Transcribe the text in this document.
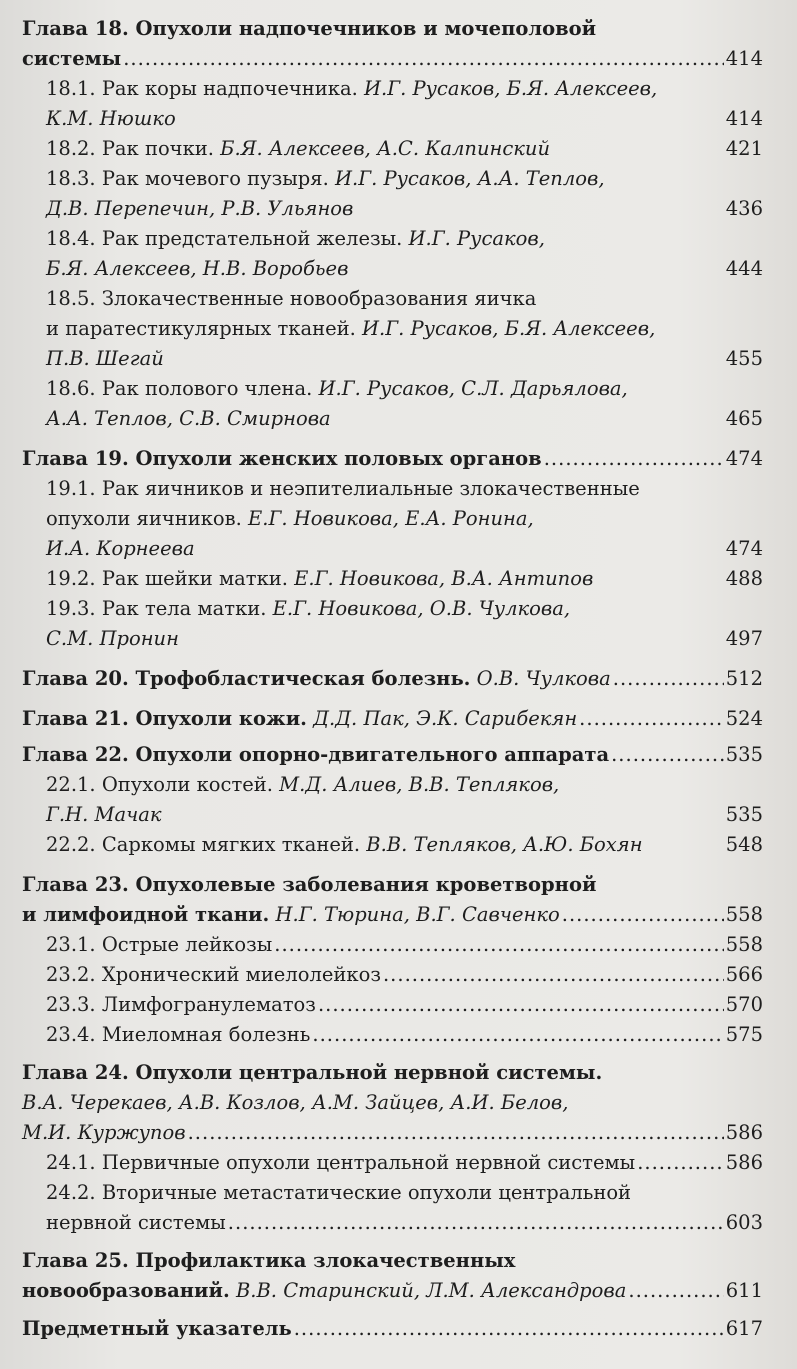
Глава 18. Опухоли надпочечников и мочеполовой
системы .....	414
18.1. Рак коры надпочечника. И.Г. Русаков, Б.Я. Алексеев,
К.М. Нюшко	414
18.2. Рак почки.
Б.Я. Алексеев, А.С. Калпинский	421
18.3. Рак мочевого пузыря. И.Г. Русаков, А.А. Теплов,
Д.В. Перепечин, Р.В. Ульянов	436
18.4. Рак предстательной железы. И.Г. Русаков,
Б.Я. Алексеев, Н.В. Воробьев	444
18.5. Злокачественные новообразования яичка
и паратестикулярных тканей. И.Г. Русаков, Б.Я. Алексеев,
П.В. Шегай	455
18.6. Рак полового члена. И.Г. Русаков, С.Л. Дарьялова,
А.А. Теплов, С.В. Смирнова	465
Глава 19. Опухоли женских половых органов .....	474
19.1. Рак яичников и неэпителиальные злокачественные
опухоли яичников. Е.Г. Новикова, Е.А. Ронина,
И.А. Корнеева	474
19.2. Рак шейки матки.
Е.Г. Новикова, В.А. Антипов	488
19.3. Рак тела матки. Е.Г. Новикова, О.В. Чулкова,
С.М. Пронин	497
Глава 20. Трофобластическая болезнь.
О.В. Чулкова .....	512
Глава 21. Опухоли кожи.
Д.Д. Пак, Э.К. Сарибекян .....	524
Глава 22. Опухоли опорно-двигательного аппарата .....	535
22.1. Опухоли костей. М.Д. Алиев, В.В. Тепляков,
Г.Н. Мачак	535
22.2. Саркомы мягких тканей.
В.В. Тепляков, А.Ю. Бохян	548
Глава 23. Опухолевые заболевания кроветворной
и лимфоидной ткани.
Н.Г. Тюрина, В.Г. Савченко .....	558
23.1. Острые лейкозы .....	558
23.2. Хронический миелолейкоз .....	566
23.3. Лимфогранулематоз .....	570
23.4. Миеломная болезнь .....	575
Глава 24. Опухоли центральной нервной системы.
В.А. Черекаев, А.В. Козлов, А.М. Зайцев, А.И. Белов,
М.И. Куржупов .....	586
24.1. Первичные опухоли центральной нервной системы .....	586
24.2. Вторичные метастатические опухоли центральной
нервной системы .....	603
Глава 25. Профилактика злокачественных
новообразований.
В.В. Старинский, Л.М. Александрова .....	611
Предметный указатель .....	617
